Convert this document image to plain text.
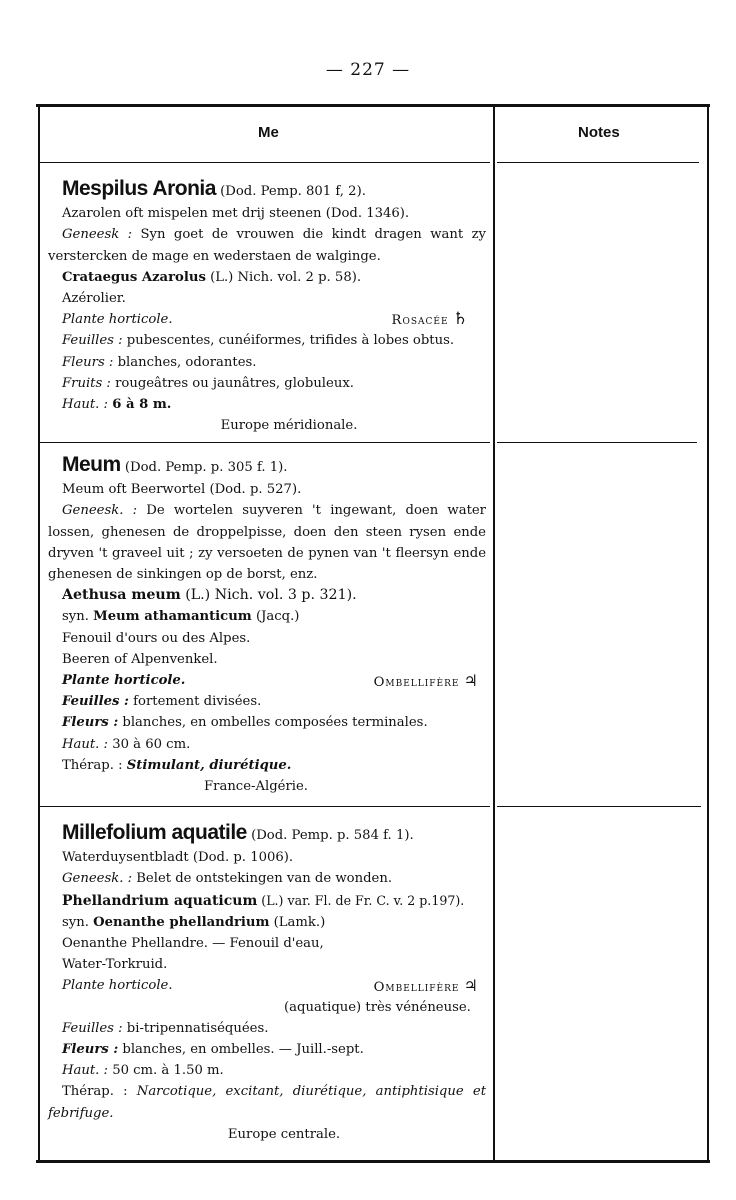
— 227 —
Me	Notes
Mespilus Aronia (Dod. Pemp. 801 f, 2).
Azarolen oft mispelen met drij steenen (Dod. 1346).
Geneesk : Syn goet de vrouwen die kindt dragen want zy verstercken de mage en wederstaen de walginge.
Crataegus Azarolus (L.) Nich. vol. 2 p. 58).
Azérolier.
Plante horticole.	Rosacée ♄
Feuilles : pubescentes, cunéiformes, trifides à lobes obtus.
Fleurs : blanches, odorantes.
Fruits : rougeâtres ou jaunâtres, globuleux.
Haut. : 6 à 8 m.
Europe méridionale.
Meum (Dod. Pemp. p. 305 f. 1).
Meum oft Beerwortel (Dod. p. 527).
Geneesk. : De wortelen suyveren 't ingewant, doen water lossen, ghenesen de droppelpisse, doen den steen rysen ende dryven 't graveel uit ; zy versoeten de pynen van 't fleersyn ende ghenesen de sinkingen op de borst, enz.
Aethusa meum (L.) Nich. vol. 3 p. 321).
syn. Meum athamanticum (Jacq.)
Fenouil d'ours ou des Alpes.
Beeren of Alpenvenkel.
Plante horticole.	Ombellifère ♃
Feuilles : fortement divisées.
Fleurs : blanches, en ombelles composées terminales.
Haut. : 30 à 60 cm.
Thérap. : Stimulant, diurétique.
France-Algérie.
Millefolium aquatile (Dod. Pemp. p. 584 f. 1).
Waterduysentbladt (Dod. p. 1006).
Geneesk. : Belet de ontstekingen van de wonden.
Phellandrium aquaticum (L.) var. Fl. de Fr. C. v. 2 p.197).
syn. Oenanthe phellandrium (Lamk.)
Oenanthe Phellandre. — Fenouil d'eau,
Water-Torkruid.
Plante horticole.	Ombellifère ♃
(aquatique) très vénéneuse.
Feuilles : bi-tripennatiséquées.
Fleurs : blanches, en ombelles. — Juill.-sept.
Haut. : 50 cm. à 1.50 m.
Thérap. : Narcotique, excitant, diurétique, antiphtisique et febrifuge.
Europe centrale.
